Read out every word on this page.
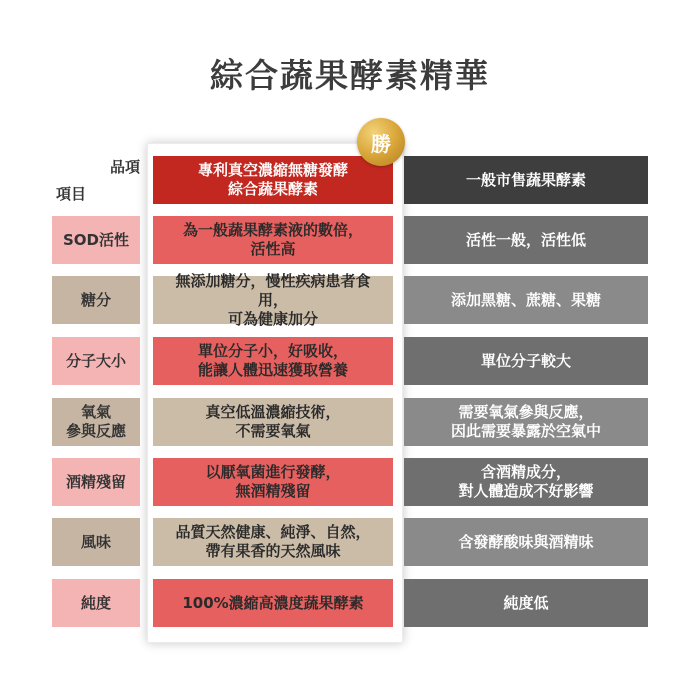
綜合蔬果酵素精華
品項
項目
專利真空濃縮無糖發酵
綜合蔬果酵素
一般市售蔬果酵素
勝
SOD活性
為一般蔬果酵素液的數倍，
活性高
活性一般，活性低
糖分
無添加糖分，慢性疾病患者食用，
可為健康加分
添加黑糖、蔗糖、果糖
分子大小
單位分子小，好吸收，
能讓人體迅速獲取營養
單位分子較大
氧氣
參與反應
真空低溫濃縮技術，
不需要氧氣
需要氧氣參與反應，
因此需要暴露於空氣中
酒精殘留
以厭氧菌進行發酵，
無酒精殘留
含酒精成分，
對人體造成不好影響
風味
品質天然健康、純淨、自然，
帶有果香的天然風味
含發酵酸味與酒精味
純度	100%濃縮高濃度蔬果酵素	純度低
